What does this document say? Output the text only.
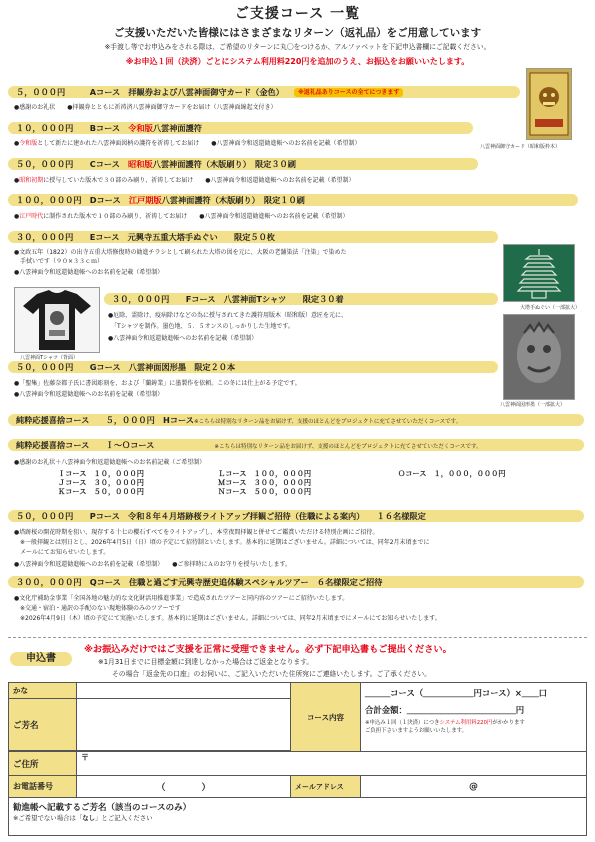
ご支援コース 一覧
ご支援いただいた皆様にはさまざまなリターン（返礼品）をご用意しています
※手渡し等でお申込みをされる際は、ご希望のリターンに丸〇をつけるか、アルファベットを下記申込書欄にご記載ください。
※お申込１回（決済）ごとにシステム利用料220円を追加のうえ、お振込をお願いいたします。
八雲神面御守カード（昭和版枠木）
５，０００円　　　Aコース　拝観券および八雲神面御守カード（金色） ※返礼品ありコースの全てにつきます
●感謝のお礼状　　●拝観券とともに祈祷済八雲神面御守カードをお届け（八雲神面線起文付き）
１０，０００円　　Bコース　令和版八雲神面護符
●令和版として新たに建かれた八雲神面図柄の護符を祈祷してお届け　　●八雲神面令和返還勧進帳へのお名前を記載（希望制）
５０，０００円　　Cコース　昭和版八雲神面護符（木版刷り）　限定３０刷
●昭和初期に授与していた版木で３０部のみ刷り、祈祷してお届け　　●八雲神面令和返還勧進帳へのお名前を記載（希望制）
１００，０００円　Dコース　江戸期版八雲神面護符（木版刷り）　限定１０刷
●江戸時代に制作された版木で１０部のみ刷り、祈祷してお届け　　●八雲神面令和返還勧進帳へのお名前を記載（希望制）
３０，０００円　　Eコース　元興寺五重大塔手ぬぐい　　限定５０枚
●文政五年（1822）の出寺五重大塔修復時の勧進チラシとして刷られた大塔の図を元に、大阪の老舗染法「注染」で染めた
　手拭いです（９０×３３ｃｍ）
●八雲神面令和返還勧進帳へのお名前を記載（希望制）
大塔手ぬぐい（一部拡大）
八雲神面Tシャツ（背面）
３０，０００円　　Fコース　八雲神面Tシャツ　　限定３０着
●厄除、霊除け、疫病除けなどの為に授与されてきた護符用版木（昭和版）意匠を元に、
　「Tシャツを制作。墨色地、５．５オンスのしっかりした生地です。
●八雲神面令和返還勧進帳へのお名前を記載（希望制）
５０，０００円　　Gコース　八雲神面図形墨　限定２０本
●「聖集」佐藤奈都子氏に書図彫刻を、および「蘭鋳業」に墨製作を依頼。この冬には仕上がる予定です。
●八雲神面令和返還勧進帳へのお名前を記載（希望制）
八雲神面図形墨（一部拡大）
純粋応援喜捨コース　　５，０００円　Hコース※こちらは特別なリターン品をお届けず、支援のほとんどをプロジェクトに充てさせていただくコースです。
純粋応援喜捨コース　　Ｉ～Ｏコース	※こちらは特別なリターン品をお届けず、支援のほとんどをプロジェクトに充てさせていただくコースです。
●感謝のお礼状＋八雲神面令和返還勧進帳へのお名前記載（ご希望制）
Ｉコース　１０，０００円	Ｌコース　１００，０００円	Ｏコース　１，０００，０００円
Ｊコース　３０，０００円	Ｍコース　３００，０００円
Ｋコース　５０，０００円	Ｎコース　５００，０００円
５０，０００円　　Pコース　令和８年４月塔跡桜ライトアップ拝観ご招待（住職による案内）　　１６名様限定
●塔跡桜の開花時期を狙い、現存する十七の櫻石すべてをライトアップし、本堂夜間拝観と併せてご鑑賞いただける特別企画にご招待。
　※一般拝観とは別日とし、2026年4月5日（日）頃の予定にて招待制といたします。基本的に延期はございません。詳細については、同年2月末頃までに
　メールにてお知らせいたします。
●八雲神面令和返還勧進帳へのお名前を記載（希望制）　　●ご参拝時にＡのお守りを授与いたします。
３００，０００円　Qコース　住職と過ごす元興寺歴史追体験スペシャルツアー　６名様限定ご招待
●文化庁補助金事業「全国各地の魅力的な文化財活用推進事業」で造成されたツアーと同内容のツアーにご招待いたします。
　※交通・宿泊・通訳の手配のない現地体験のみのツアーです
　※2026年4月9日（木）頃の予定にて実施いたします。基本的に延期はございません。詳細については、同年2月末頃までにメールにてお知らせいたします。
申込書
※お振込みだけではご支援を正常に受理できません。必ず下記申込書もご提出ください。
※1月31日までに目標金額に到達しなかった場合はご返金となります。
その場合「返金先の口座」のお伺いに、ご記入いただいた住所宛にご連絡いたします。ご了承ください。
かな		コース内容	＿＿＿コース（＿＿＿＿＿＿円コース）×＿＿口
合計金額：＿＿＿＿＿＿＿＿＿＿＿＿＿円
※申込み１回（１決済）につきシステム利用料220円がかかります
ご負担下さいますようお願いいたします。

ご芳名			

ご住所	〒		
お電話番号	（　　　　）	メールアドレス	@

勧進帳へ記載するご芳名（該当のコースのみ）
※ご希望でない場合は「なし」とご記入ください			
